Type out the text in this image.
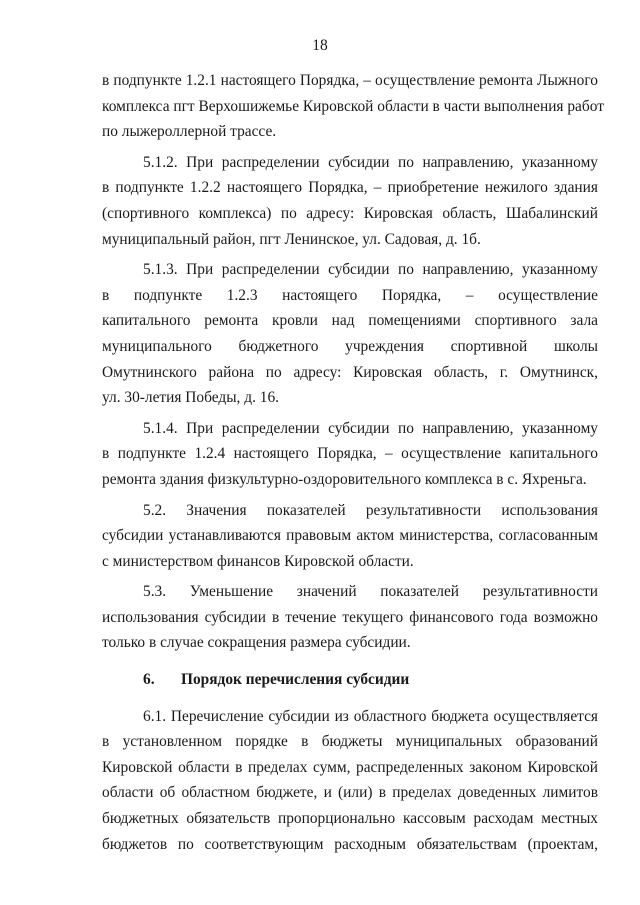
18
в подпункте 1.2.1 настоящего Порядка, – осуществление ремонта Лыжного
комплекса пгт Верхошижемье Кировской области в части выполнения работ
по лыжероллерной трассе.
5.1.2. При распределении субсидии по направлению, указанному
в подпункте 1.2.2 настоящего Порядка, – приобретение нежилого здания
(спортивного комплекса) по адресу: Кировская область, Шабалинский
муниципальный район, пгт Ленинское, ул. Садовая, д. 1б.
5.1.3. При распределении субсидии по направлению, указанному
в подпункте 1.2.3 настоящего Порядка, – осуществление
капитального ремонта кровли над помещениями спортивного зала
муниципального бюджетного учреждения спортивной школы
Омутнинского района по адресу: Кировская область, г. Омутнинск,
ул. 30-летия Победы, д. 16.
5.1.4. При распределении субсидии по направлению, указанному
в подпункте 1.2.4 настоящего Порядка, – осуществление капитального
ремонта здания физкультурно-оздоровительного комплекса в с. Яхреньга.
5.2. Значения показателей результативности использования
субсидии устанавливаются правовым актом министерства, согласованным
с министерством финансов Кировской области.
5.3. Уменьшение значений показателей результативности
использования субсидии в течение текущего финансового года возможно
только в случае сокращения размера субсидии.
6. Порядок перечисления субсидии
6.1. Перечисление субсидии из областного бюджета осуществляется
в установленном порядке в бюджеты муниципальных образований
Кировской области в пределах сумм, распределенных законом Кировской
области об областном бюджете, и (или) в пределах доведенных лимитов
бюджетных обязательств пропорционально кассовым расходам местных
бюджетов по соответствующим расходным обязательствам (проектам,
